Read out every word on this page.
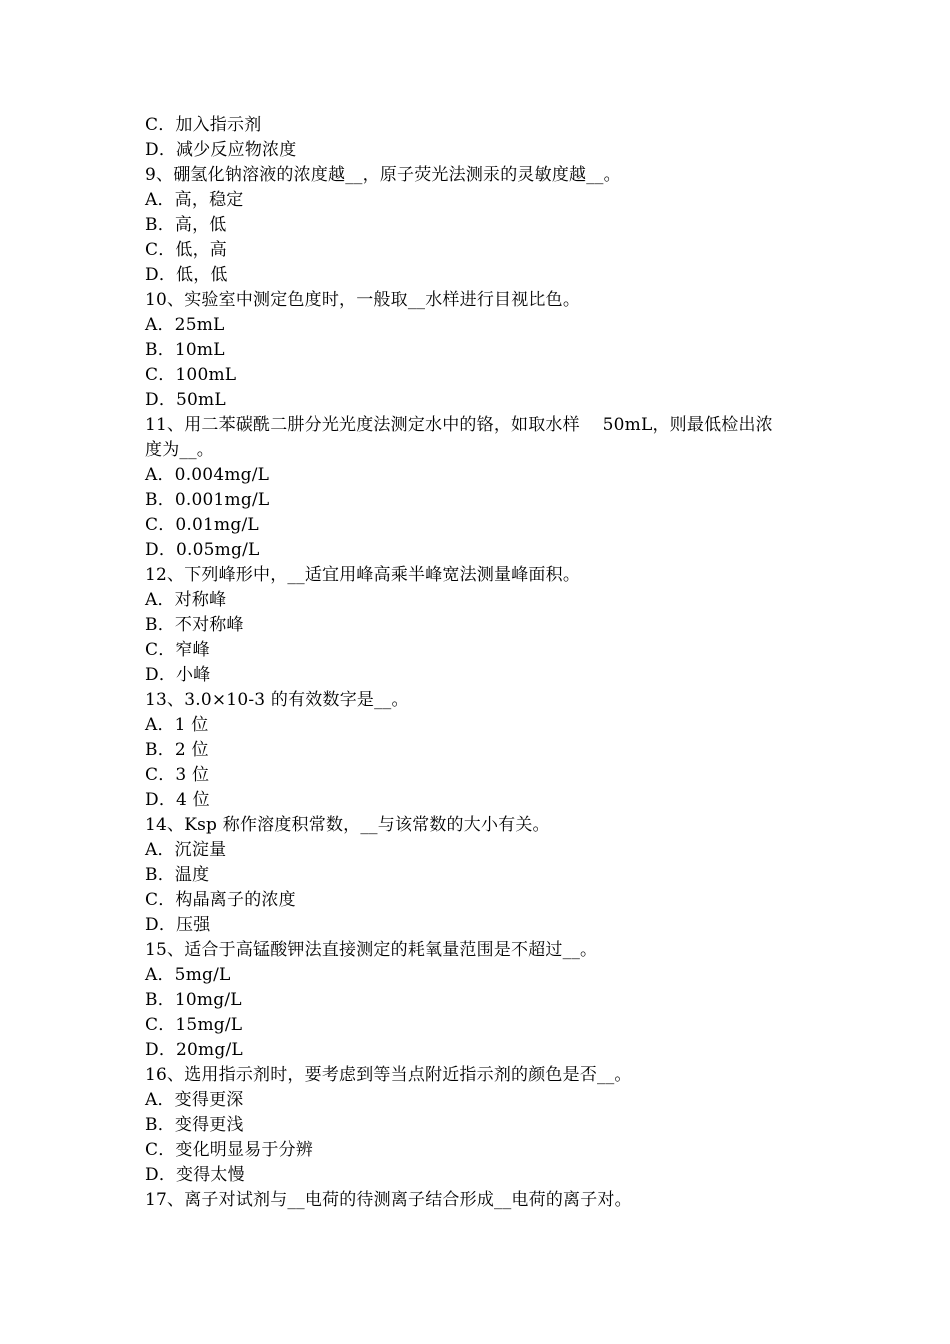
C．加入指示剂
D．减少反应物浓度
9、硼氢化钠溶液的浓度越__，原子荧光法测汞的灵敏度越__。
A．高，稳定
B．高，低
C．低，高
D．低，低
10、实验室中测定色度时，一般取__水样进行目视比色。
A．25mL
B．10mL
C．100mL
D．50mL
11、用二苯碳酰二肼分光光度法测定水中的铬，如取水样　 50mL，则最低检出浓
度为__。
A．0.004mg/L
B．0.001mg/L
C．0.01mg/L
D．0.05mg/L
12、下列峰形中，__适宜用峰高乘半峰宽法测量峰面积。
A．对称峰
B．不对称峰
C．窄峰
D．小峰
13、3.0×10-3 的有效数字是__。
A．1 位
B．2 位
C．3 位
D．4 位
14、Ksp 称作溶度积常数，__与该常数的大小有关。
A．沉淀量
B．温度
C．构晶离子的浓度
D．压强
15、适合于高锰酸钾法直接测定的耗氧量范围是不超过__。
A．5mg/L
B．10mg/L
C．15mg/L
D．20mg/L
16、选用指示剂时，要考虑到等当点附近指示剂的颜色是否__。
A．变得更深
B．变得更浅
C．变化明显易于分辨
D．变得太慢
17、离子对试剂与__电荷的待测离子结合形成__电荷的离子对。
